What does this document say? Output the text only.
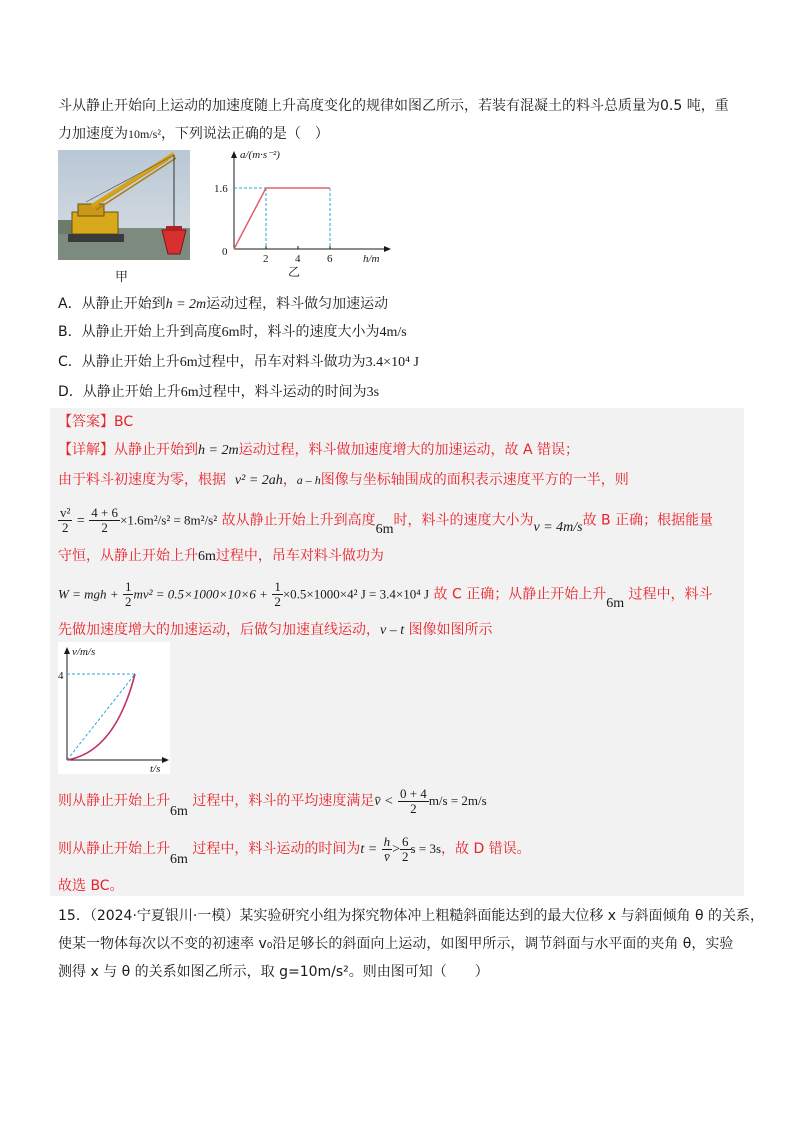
斗从静止开始向上运动的加速度随上升高度变化的规律如图乙所示，若装有混凝土的料斗总质量为0.5 吨，重
力加速度为10m/s²，下列说法正确的是（　）
甲
a/(m·s⁻²)
h/m
0
1.6
2 4 6
乙
A．从静止开始到h = 2m运动过程，料斗做匀加速运动
B．从静止开始上升到高度6m时，料斗的速度大小为4m/s
C．从静止开始上升6m过程中，吊车对料斗做功为3.4×10⁴ J
D．从静止开始上升6m过程中，料斗运动的时间为3s
【答案】BC
【详解】从静止开始到h = 2m运动过程，料斗做加速度增大的加速运动，故 A 错误；
由于料斗初速度为零，根据 v² = 2ah，a – h图像与坐标轴围成的面积表示速度平方的一半，则
$\frac{\text{v²}}{2} = \frac{4 + 6}{2} \times 1.6m^2/s^2 = 8m^2/s^2$ 故从静止开始上升到高度6m时，料斗的速度大小为v = 4m/s故 B 正确；根据能量
守恒，从静止开始上升6m过程中，吊车对料斗做功为
W = mgh + $\frac{1}{2} mv^2 = 0.5\times 1000\times 10\times 6 + \frac{1}{2} \times 0.5\times 1000\times 4^2$ J = 3.4×10⁴ J 故 C 正确；从静止开始上升6m 过程中，料斗
先做加速度增大的加速运动，后做匀加速直线运动，v – t 图像如图所示
v/m/s
t/s
4
则从静止开始上升6m 过程中，料斗的平均速度满足v̄ < $\frac{0 + 4}{2} m/s = 2m/s$
则从静止开始上升6m 过程中，料斗运动的时间为$t = \frac{h}{v̄} > \frac{6}{2}$ s = 3s，故 D 错误。
故选 BC。
15．（2024·宁夏银川·一模）某实验研究小组为探究物体冲上粗糙斜面能达到的最大位移 x 与斜面倾角 θ 的关系，
使某一物体每次以不变的初速率 v₀沿足够长的斜面向上运动，如图甲所示，调节斜面与水平面的夹角 θ，实验
测得 x 与 θ 的关系如图乙所示，取 g=10m/s²。则由图可知（　　）
